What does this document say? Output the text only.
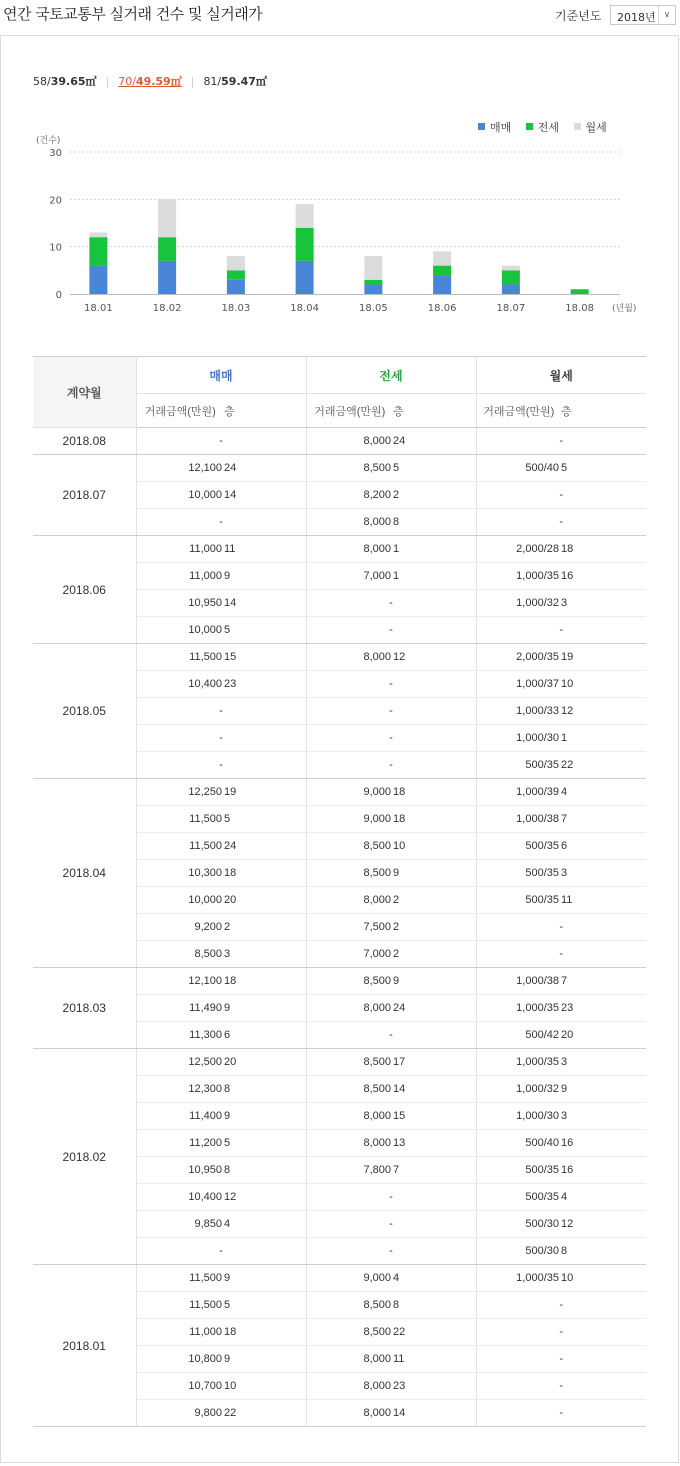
연간 국토교통부 실거래 건수 및 실거래가	기준년도 2018년 ∨
58/39.65㎡ | 70/49.59㎡ | 81/59.47㎡
매매 전세 월세
0
10
20
30
(건수)
(년월)
18.01	18.02	18.03	18.04	18.05	18.06	18.07	18.08
계약월	매매		전세		월세	
	거래금액(만원)	층	거래금액(만원)	층	거래금액(만원)	층
2018.08	-		8,000	24	-	
2018.07	12,100	24	8,500	5	500/40	5
	10,000	14	8,200	2	-	
	-		8,000	8	-	
2018.06	11,000	11	8,000	1	2,000/28	18
	11,000	9	7,000	1	1,000/35	16
	10,950	14	-		1,000/32	3
	10,000	5	-		-	
2018.05	11,500	15	8,000	12	2,000/35	19
	10,400	23	-		1,000/37	10
	-		-		1,000/33	12
	-		-		1,000/30	1
	-		-		500/35	22
2018.04	12,250	19	9,000	18	1,000/39	4
	11,500	5	9,000	18	1,000/38	7
	11,500	24	8,500	10	500/35	6
	10,300	18	8,500	9	500/35	3
	10,000	20	8,000	2	500/35	11
	9,200	2	7,500	2	-	
	8,500	3	7,000	2	-	
2018.03	12,100	18	8,500	9	1,000/38	7
	11,490	9	8,000	24	1,000/35	23
	11,300	6	-		500/42	20
2018.02	12,500	20	8,500	17	1,000/35	3
	12,300	8	8,500	14	1,000/32	9
	11,400	9	8,000	15	1,000/30	3
	11,200	5	8,000	13	500/40	16
	10,950	8	7,800	7	500/35	16
	10,400	12	-		500/35	4
	9,850	4	-		500/30	12
	-		-		500/30	8
2018.01	11,500	9	9,000	4	1,000/35	10
	11,500	5	8,500	8	-	
	11,000	18	8,500	22	-	
	10,800	9	8,000	11	-	
	10,700	10	8,000	23	-	
	9,800	22	8,000	14	-	
